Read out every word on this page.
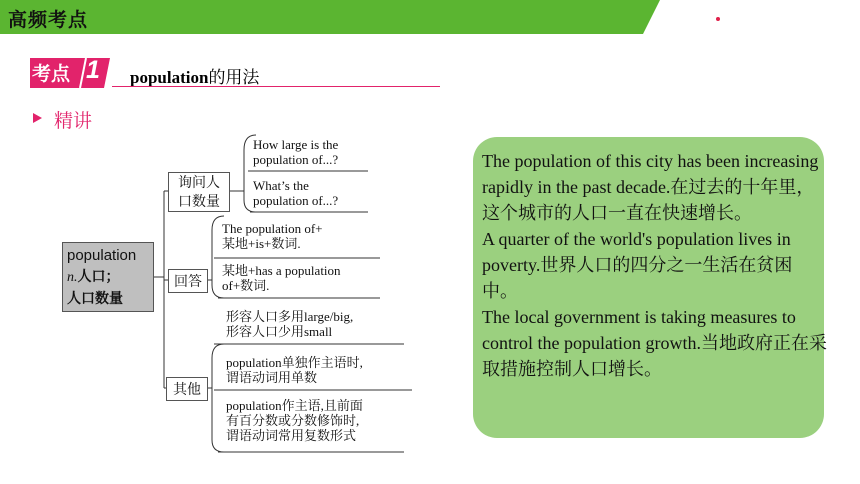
高频考点
考点 1 population的用法
精讲
population
n.人口；
人口数量
询问人
口数量
回答
其他
How large is the
population of...?
What’s the
population of...?
The population of+
某地+is+数词.
某地+has a population
of+数词.
形容人口多用large/big,
形容人口少用small
population单独作主语时,
谓语动词用单数
population作主语,且前面
有百分数或分数修饰时,
谓语动词常用复数形式

The population of this city has been increasing rapidly in the past decade.在过去的十年里，这个城市的人口一直在快速增长。

A quarter of the world's population lives in poverty.世界人口的四分之一生活在贫困中。

The local government is taking measures to control the population growth.当地政府正在采取措施控制人口增长。
